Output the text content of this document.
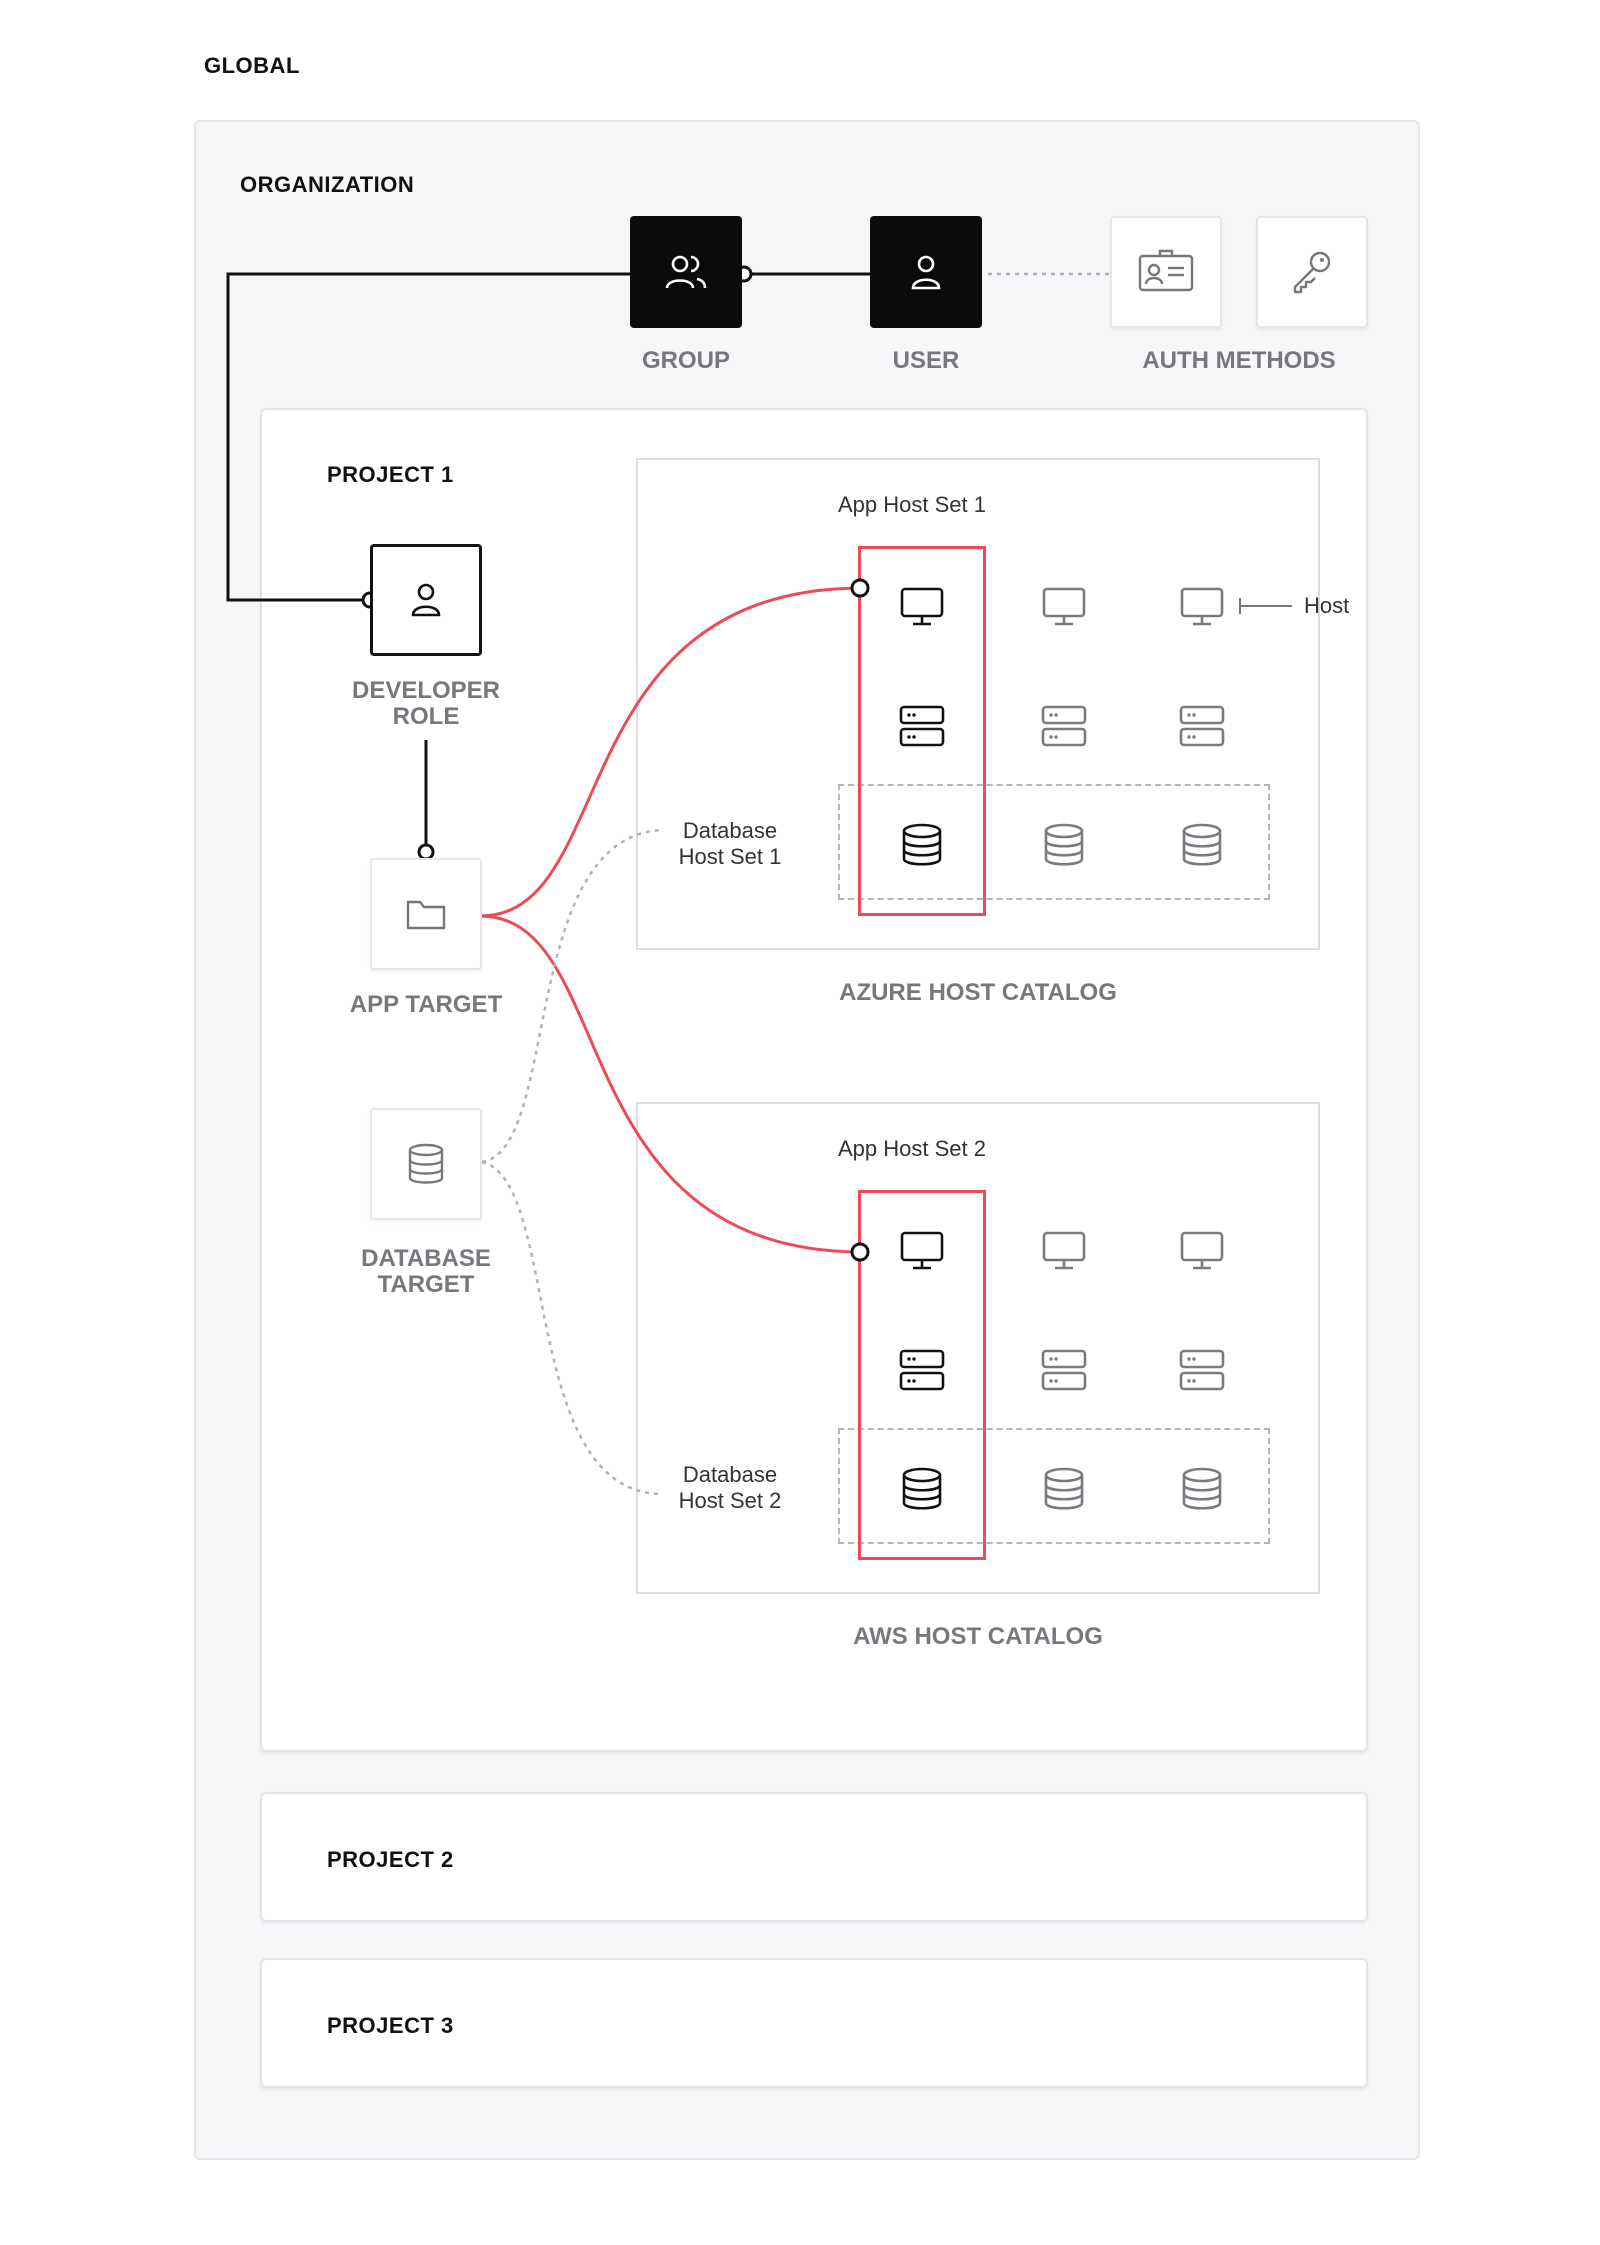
GLOBAL
ORGANIZATION
PROJECT 1
PROJECT 2
PROJECT 3
AZURE HOST CATALOG
App Host Set 1
Database
Host Set 1
AWS HOST CATALOG
App Host Set 2
Database
Host Set 2
Host
GROUP	USER	AUTH METHODS
DEVELOPER
ROLE
APP TARGET
DATABASE
TARGET
